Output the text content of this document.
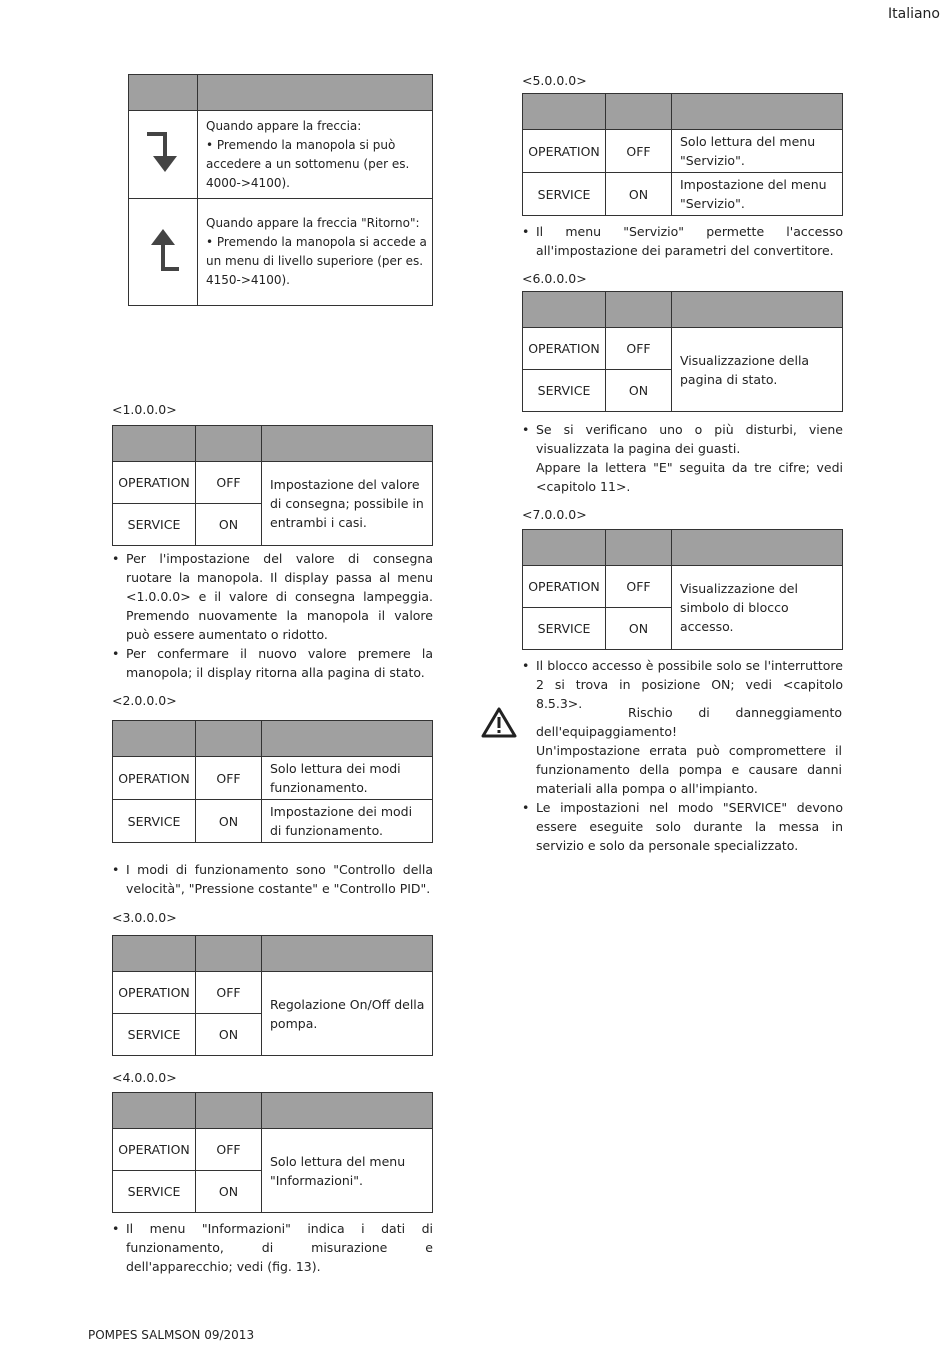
Italiano
POMPES SALMSON 09/2013

	Quando appare la freccia:
• Premendo la manopola si può accedere a un sottomenu (per es. 4000->4100).
	Quando appare la freccia "Ritorno":
• Premendo la manopola si accede a un menu di livello superiore (per es. 4150->4100).
<1.0.0.0>

OPERATION	OFF	Impostazione del valore di consegna; possibile in entrambi i casi.
SERVICE	ON	
• Per l'impostazione del valore di consegna ruotare la manopola. Il display passa al menu <1.0.0.0> e il valore di consegna lampeggia. Premendo nuovamente la manopola il valore può essere aumentato o ridotto.
• Per confermare il nuovo valore premere la manopola; il display ritorna alla pagina di stato.
<2.0.0.0>

OPERATION	OFF	Solo lettura dei modi funzionamento.
SERVICE	ON	Impostazione dei modi di funzionamento.
• I modi di funzionamento sono "Controllo della velocità", "Pressione costante" e "Controllo PID".
<3.0.0.0>

OPERATION	OFF	Regolazione On/Off della pompa.
SERVICE	ON	
<4.0.0.0>

OPERATION	OFF	Solo lettura del menu "Informazioni".
SERVICE	ON	
• Il menu "Informazioni" indica i dati di funzionamento, di misurazione e dell'apparecchio; vedi (fig. 13).
<5.0.0.0>

OPERATION	OFF	Solo lettura del menu "Servizio".
SERVICE	ON	Impostazione del menu "Servizio".
• Il menu "Servizio" permette l'accesso all'impostazione dei parametri del convertitore.
<6.0.0.0>

OPERATION	OFF	Visualizzazione della pagina di stato.
SERVICE	ON	
• Se si verificano uno o più disturbi, viene visualizzata la pagina dei guasti.
Appare la lettera "E" seguita da tre cifre; vedi <capitolo 11>.
<7.0.0.0>

OPERATION	OFF	Visualizzazione del simbolo di blocco accesso.
SERVICE	ON	
• Il blocco accesso è possibile solo se l'interruttore 2 si trova in posizione ON; vedi <capitolo 8.5.3>.
Rischio di danneggiamento dell'equipaggiamento!
Un'impostazione errata può compromettere il funzionamento della pompa e causare danni materiali alla pompa o all'impianto.
• Le impostazioni nel modo "SERVICE" devono essere eseguite solo durante la messa in servizio e solo da personale specializzato.
